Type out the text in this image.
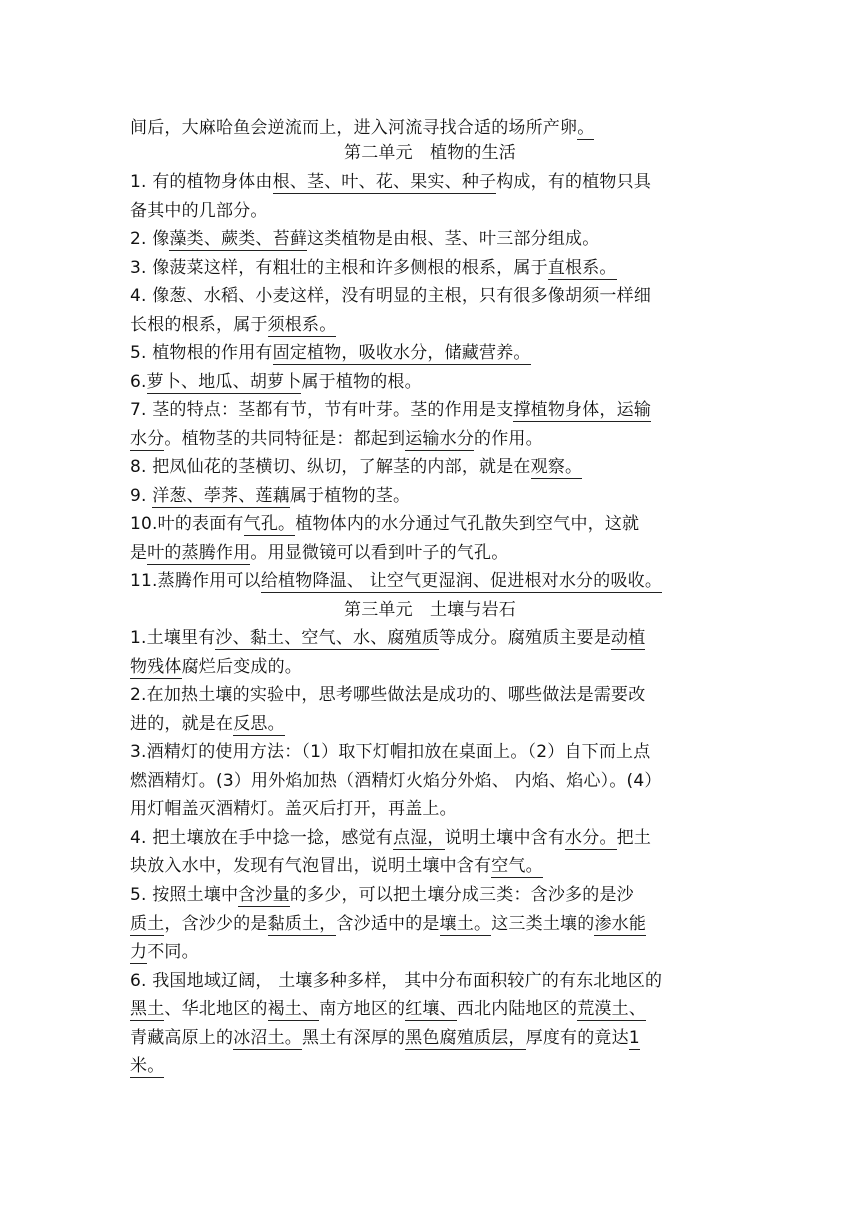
间后，大麻哈鱼会逆流而上，进入河流寻找合适的场所产卵。
第二单元　植物的生活
1. 有的植物身体由根、茎、叶、花、果实、种子构成，有的植物只具
备其中的几部分。
2. 像藻类、蕨类、苔藓这类植物是由根、茎、叶三部分组成。
3. 像菠菜这样，有粗壮的主根和许多侧根的根系，属于直根系。
4. 像葱、水稻、小麦这样，没有明显的主根，只有很多像胡须一样细
长根的根系，属于须根系。
5. 植物根的作用有固定植物，吸收水分，储藏营养。
6.萝卜、地瓜、胡萝卜属于植物的根。
7. 茎的特点：茎都有节，节有叶芽。茎的作用是支撑植物身体，运输
水分。植物茎的共同特征是：都起到运输水分的作用。
8. 把凤仙花的茎横切、纵切，了解茎的内部，就是在观察。
9. 洋葱、荸荠、莲藕属于植物的茎。
10.叶的表面有气孔。植物体内的水分通过气孔散失到空气中，这就
是叶的蒸腾作用。用显微镜可以看到叶子的气孔。
11.蒸腾作用可以给植物降温、 让空气更湿润、促进根对水分的吸收。
第三单元　土壤与岩石
1.土壤里有沙、黏土、空气、水、腐殖质等成分。腐殖质主要是动植
物残体腐烂后变成的。
2.在加热土壤的实验中，思考哪些做法是成功的、哪些做法是需要改
进的，就是在反思。
3.酒精灯的使用方法：（1）取下灯帽扣放在桌面上。（2）自下而上点
燃酒精灯。(3）用外焰加热（酒精灯火焰分外焰、 内焰、焰心）。(4）
用灯帽盖灭酒精灯。盖灭后打开，再盖上。
4. 把土壤放在手中捻一捻，感觉有点湿，说明土壤中含有水分。把土
块放入水中，发现有气泡冒出，说明土壤中含有空气。
5. 按照土壤中含沙量的多少，可以把土壤分成三类：含沙多的是沙
质土，含沙少的是黏质土，含沙适中的是壤土。这三类土壤的渗水能
力不同。
6. 我国地域辽阔， 土壤多种多样， 其中分布面积较广的有东北地区的
黑土、华北地区的褐土、南方地区的红壤、西北内陆地区的荒漠土、
青藏高原上的冰沼土。黑土有深厚的黑色腐殖质层，厚度有的竟达1
米。
